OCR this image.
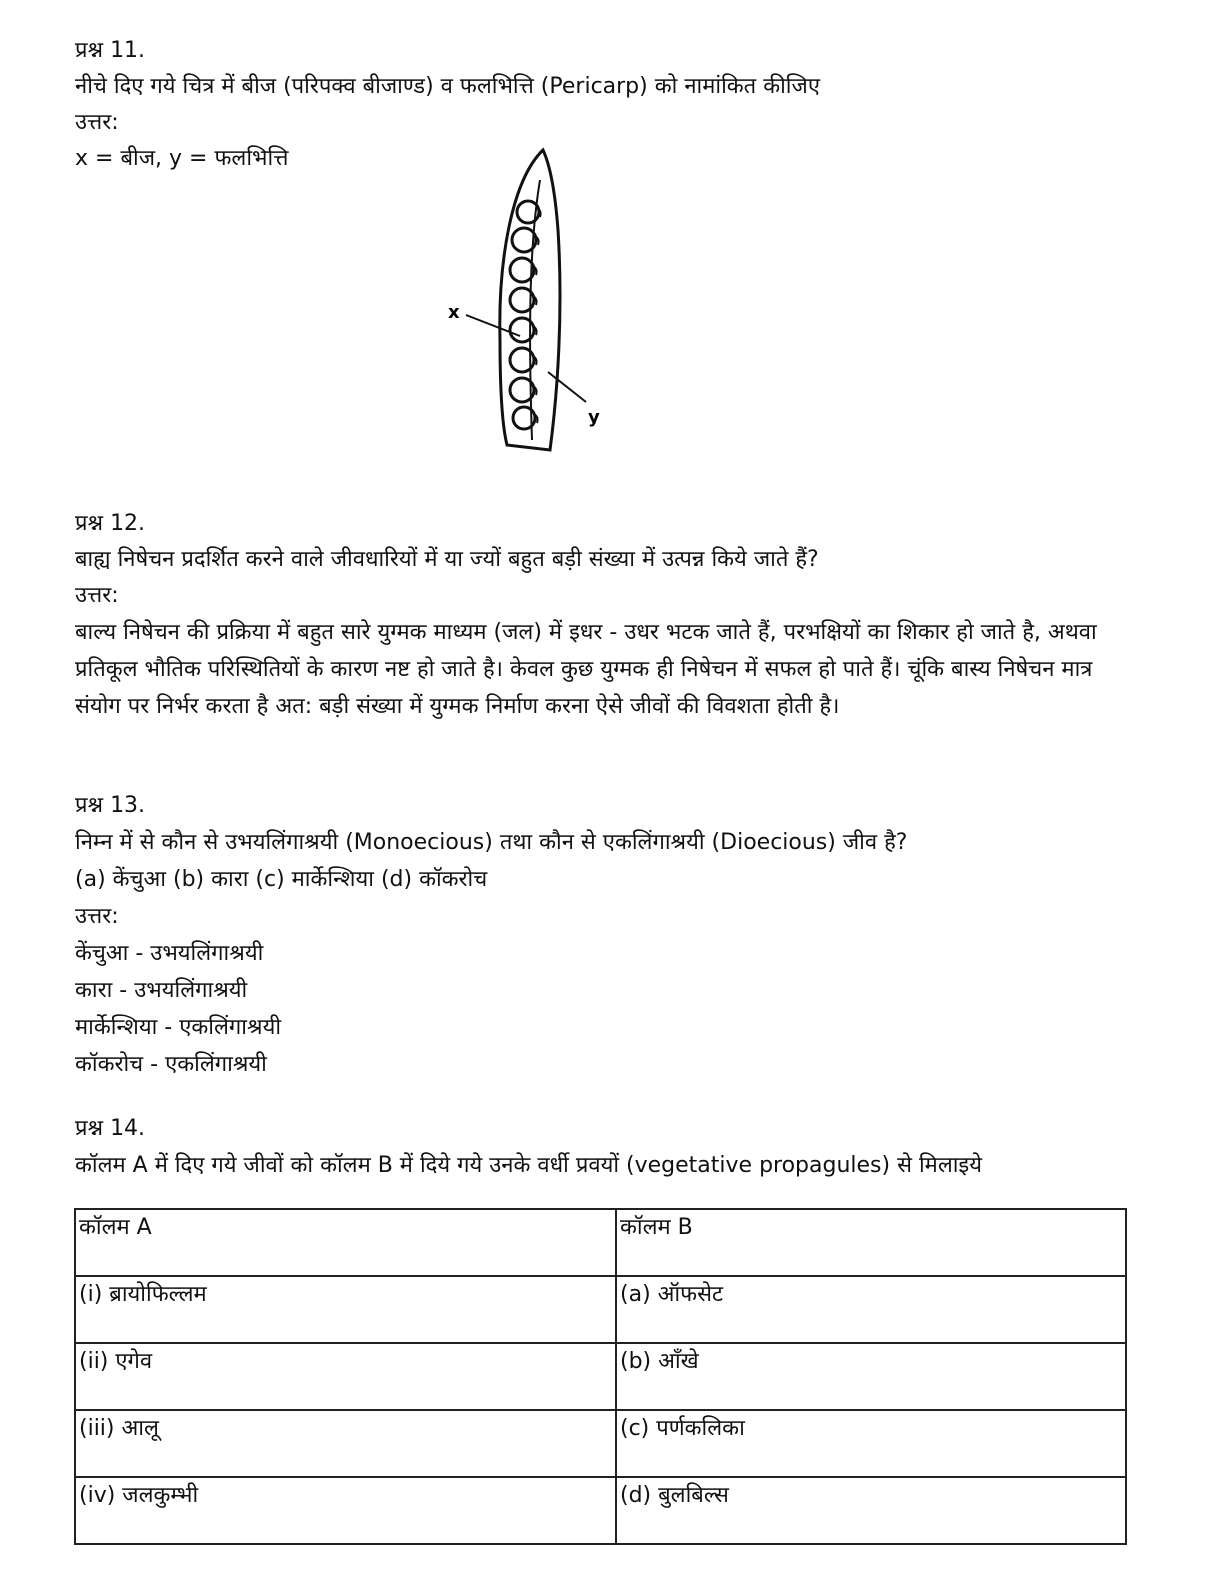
प्रश्न 11.

नीचे दिए गये चित्र में बीज (परिपक्व बीजाण्ड) व फलभित्ति (Pericarp) को नामांकित कीजिए

उत्तर:

x = बीज, y = फलभित्ति

x
y

प्रश्न 12.

बाह्य निषेचन प्रदर्शित करने वाले जीवधारियों में या ज्यों बहुत बड़ी संख्या में उत्पन्न किये जाते हैं?

उत्तर:

बाल्य निषेचन की प्रक्रिया में बहुत सारे युग्मक माध्यम (जल) में इधर - उधर भटक जाते हैं, परभक्षियों का शिकार हो जाते है, अथवा प्रतिकूल भौतिक परिस्थितियों के कारण नष्ट हो जाते है। केवल कुछ युग्मक ही निषेचन में सफल हो पाते हैं। चूंकि बास्य निषेचन मात्र संयोग पर निर्भर करता है अत: बड़ी संख्या में युग्मक निर्माण करना ऐसे जीवों की विवशता होती है।

प्रश्न 13.

निम्न में से कौन से उभयलिंगाश्रयी (Monoecious) तथा कौन से एकलिंगाश्रयी (Dioecious) जीव है?

(a) केंचुआ (b) कारा (c) मार्केन्शिया (d) कॉकरोच

उत्तर:

केंचुआ - उभयलिंगाश्रयी

कारा - उभयलिंगाश्रयी

मार्केन्शिया - एकलिंगाश्रयी

कॉकरोच - एकलिंगाश्रयी

प्रश्न 14.

कॉलम A में दिए गये जीवों को कॉलम B में दिये गये उनके वर्धी प्रवयों (vegetative propagules) से मिलाइये

कॉलम A	कॉलम B
(i) ब्रायोफिल्लम	(a) ऑफसेट
(ii) एगेव	(b) आँखे
(iii) आलू	(c) पर्णकलिका
(iv) जलकुम्भी	(d) बुलबिल्स
